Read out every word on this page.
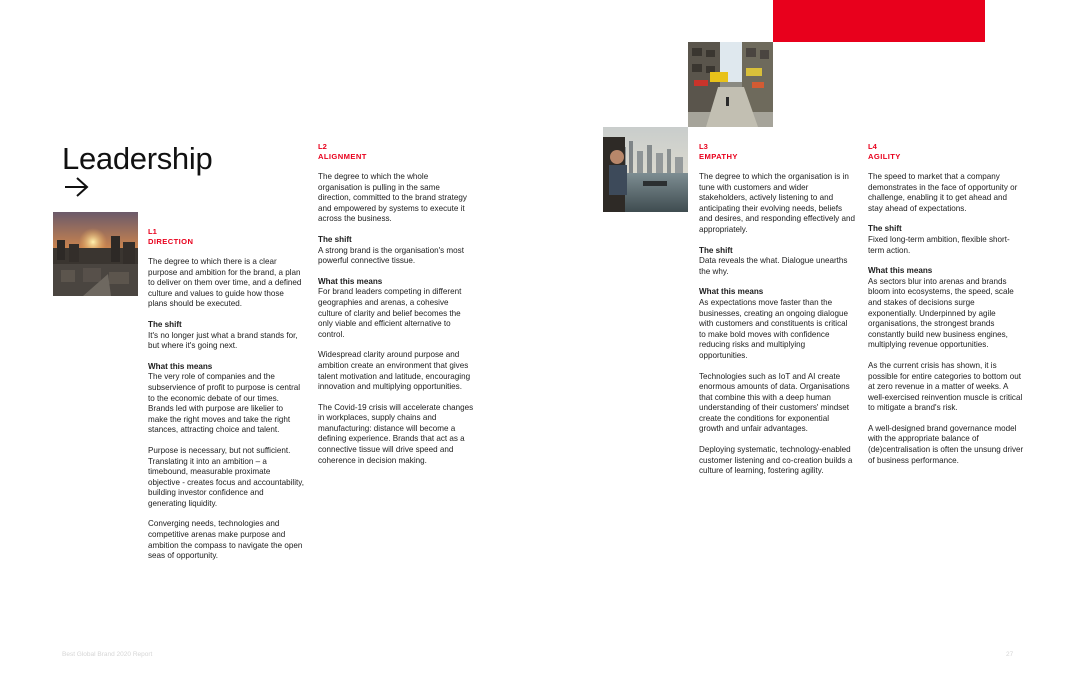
Leadership
L1
DIRECTION

The degree to which there is a clear purpose and ambition for the brand, a plan to deliver on them over time, and a defined culture and values to guide how those plans should be executed.

The shift

It's no longer just what a brand stands for, but where it's going next.

What this means

The very role of companies and the subservience of profit to purpose is central to the economic debate of our times. Brands led with purpose are likelier to make the right moves and take the right stances, attracting choice and talent.

Purpose is necessary, but not sufficient. Translating it into an ambition – a timebound, measurable proximate objective - creates focus and accountability, building investor confidence and generating liquidity.

Converging needs, technologies and competitive arenas make purpose and ambition the compass to navigate the open seas of opportunity.

L2
ALIGNMENT

The degree to which the whole organisation is pulling in the same direction, committed to the brand strategy and empowered by systems to execute it across the business.

The shift

A strong brand is the organisation's most powerful connective tissue.

What this means

For brand leaders competing in different geographies and arenas, a cohesive culture of clarity and belief becomes the only viable and efficient alternative to control.

Widespread clarity around purpose and ambition create an environment that gives talent motivation and latitude, encouraging innovation and multiplying opportunities.

The Covid-19 crisis will accelerate changes in workplaces, supply chains and manufacturing: distance will become a defining experience. Brands that act as a connective tissue will drive speed and coherence in decision making.

L3
EMPATHY

The degree to which the organisation is in tune with customers and wider stakeholders, actively listening to and anticipating their evolving needs, beliefs and desires, and responding effectively and appropriately.

The shift

Data reveals the what. Dialogue unearths the why.

What this means

As expectations move faster than the businesses, creating an ongoing dialogue with customers and constituents is critical to make bold moves with confidence reducing risks and multiplying opportunities.

Technologies such as IoT and AI create enormous amounts of data. Organisations that combine this with a deep human understanding of their customers' mindset create the conditions for exponential growth and unfair advantages.

Deploying systematic, technology-enabled customer listening and co-creation builds a culture of learning, fostering agility.

L4
AGILITY

The speed to market that a company demonstrates in the face of opportunity or challenge, enabling it to get ahead and stay ahead of expectations.

The shift

Fixed long-term ambition, flexible short-term action.

What this means

As sectors blur into arenas and brands bloom into ecosystems, the speed, scale and stakes of decisions surge exponentially. Underpinned by agile organisations, the strongest brands constantly build new business engines, multiplying revenue opportunities.

As the current crisis has shown, it is possible for entire categories to bottom out at zero revenue in a matter of weeks. A well-exercised reinvention muscle is critical to mitigate a brand's risk.

A well-designed brand governance model with the appropriate balance of (de)centralisation is often the unsung driver of business performance.

Best Global Brand 2020 Report	27
